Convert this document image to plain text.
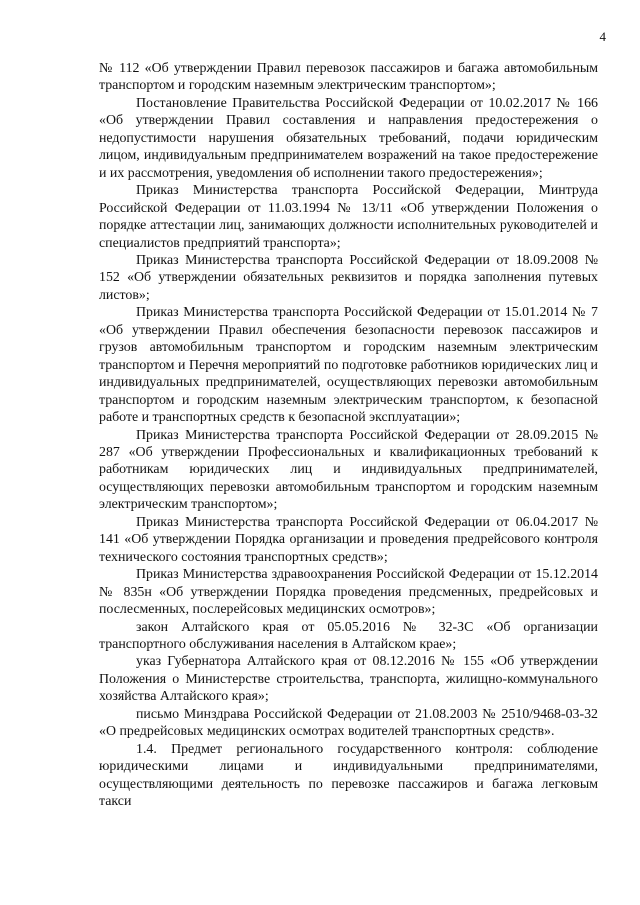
4

№ 112 «Об утверждении Правил перевозок пассажиров и багажа автомобильным транспортом и городским наземным электрическим транспортом»;

Постановление Правительства Российской Федерации от 10.02.2017 № 166 «Об утверждении Правил составления и направления предостережения о недопустимости нарушения обязательных требований, подачи юридическим лицом, индивидуальным предпринимателем возражений на такое предостережение и их рассмотрения, уведомления об исполнении такого предостережения»;

Приказ Министерства транспорта Российской Федерации, Минтруда Российской Федерации от 11.03.1994 № 13/11 «Об утверждении Положения о порядке аттестации лиц, занимающих должности исполнительных руководителей и специалистов предприятий транспорта»;

Приказ Министерства транспорта Российской Федерации от 18.09.2008 № 152 «Об утверждении обязательных реквизитов и порядка заполнения путевых листов»;

Приказ Министерства транспорта Российской Федерации от 15.01.2014 № 7 «Об утверждении Правил обеспечения безопасности перевозок пассажиров и грузов автомобильным транспортом и городским наземным электрическим транспортом и Перечня мероприятий по подготовке работников юридических лиц и индивидуальных предпринимателей, осуществляющих перевозки автомобильным транспортом и городским наземным электрическим транспортом, к безопасной работе и транспортных средств к безопасной эксплуатации»;

Приказ Министерства транспорта Российской Федерации от 28.09.2015 № 287 «Об утверждении Профессиональных и квалификационных требований к работникам юридических лиц и индивидуальных предпринимателей, осуществляющих перевозки автомобильным транспортом и городским наземным электрическим транспортом»;

Приказ Министерства транспорта Российской Федерации от 06.04.2017 № 141 «Об утверждении Порядка организации и проведения предрейсового контроля технического состояния транспортных средств»;

Приказ Министерства здравоохранения Российской Федерации от 15.12.2014 № 835н «Об утверждении Порядка проведения предсменных, предрейсовых и послесменных, послерейсовых медицинских осмотров»;

закон Алтайского края от 05.05.2016 № 32-ЗС «Об организации транспортного обслуживания населения в Алтайском крае»;

указ Губернатора Алтайского края от 08.12.2016 № 155 «Об утверждении Положения о Министерстве строительства, транспорта, жилищно-коммунального хозяйства Алтайского края»;

письмо Минздрава Российской Федерации от 21.08.2003 № 2510/9468-03-32 «О предрейсовых медицинских осмотрах водителей транспортных средств».

1.4. Предмет регионального государственного контроля: соблюдение юридическими лицами и индивидуальными предпринимателями, осуществляющими деятельность по перевозке пассажиров и багажа легковым такси
